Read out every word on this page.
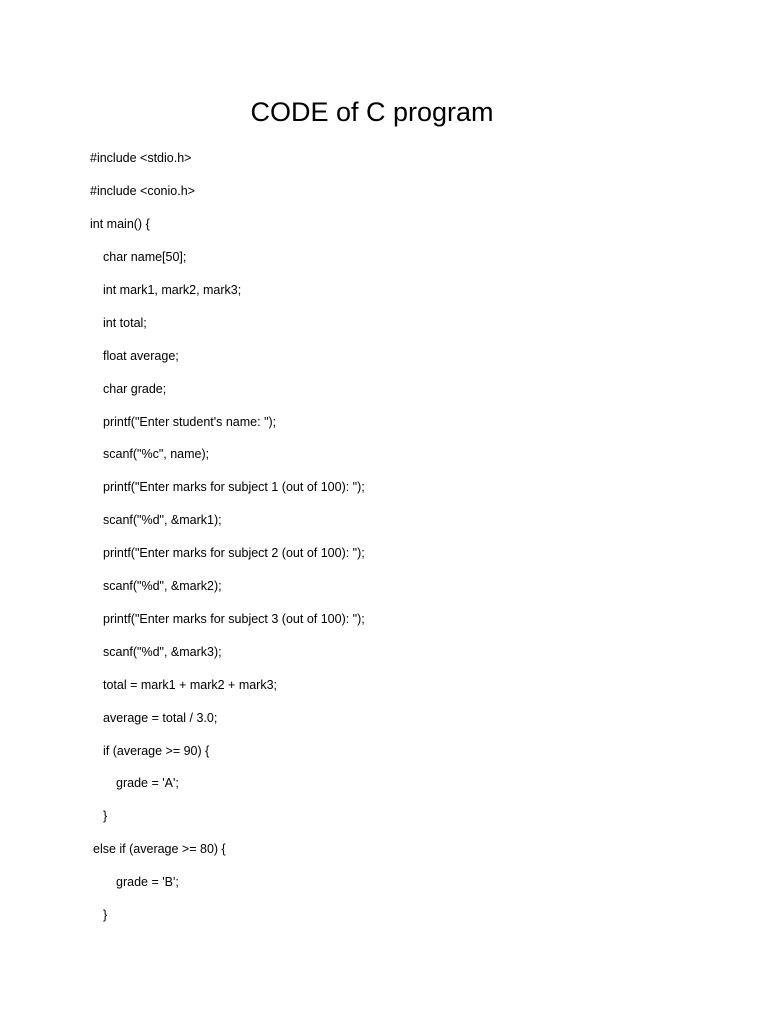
CODE of C program
#include <stdio.h>
#include <conio.h>
int main() {
char name[50];
int mark1, mark2, mark3;
int total;
float average;
char grade;
printf("Enter student's name: ");
scanf("%c", name);
printf("Enter marks for subject 1 (out of 100): ");
scanf("%d", &mark1);
printf("Enter marks for subject 2 (out of 100): ");
scanf("%d", &mark2);
printf("Enter marks for subject 3 (out of 100): ");
scanf("%d", &mark3);
total = mark1 + mark2 + mark3;
average = total / 3.0;
if (average >= 90) {
grade = 'A';
}
else if (average >= 80) {
grade = 'B';
}
